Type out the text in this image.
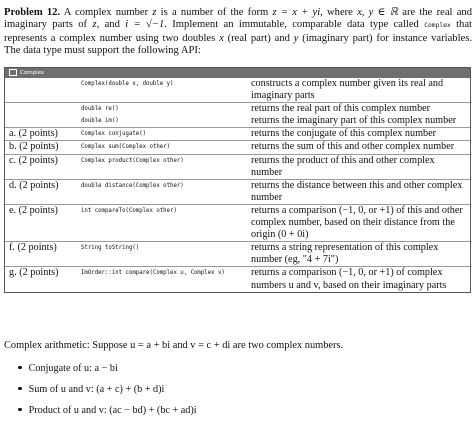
Problem 12. A complex number z is a number of the form z = x + yi, where x, y ∈ ℝ are the real and imaginary parts of z, and i = √−1. Implement an immutable, comparable data type called Complex that represents a complex number using two doubles x (real part) and y (imaginary part) for instance variables. The data type must support the following API:

Complex
	Complex(double x, double y)	constructs a complex number given its real and imaginary parts
	double re()	returns the real part of this complex number
	double im()	returns the imaginary part of this complex number
a. (2 points)	Complex conjugate()	returns the conjugate of this complex number
b. (2 points)	Complex sum(Complex other)	returns the sum of this and other complex number
c. (2 points)	Complex product(Complex other)	returns the product of this and other complex number
d. (2 points)	double distance(Complex other)	returns the distance between this and other complex number
e. (2 points)	int compareTo(Complex other)	returns a comparison (−1, 0, or +1) of this and other complex number, based on their distance from the origin (0 + 0i)
f. (2 points)	String toString()	returns a string representation of this complex number (eg, "4 + 7i")
g. (2 points)	ImOrder::int compare(Complex u, Complex v)	returns a comparison (−1, 0, or +1) of complex numbers u and v, based on their imaginary parts
Complex arithmetic: Suppose u = a + bi and v = c + di are two complex numbers.
Conjugate of u: a − bi
Sum of u and v: (a + c) + (b + d)i
Product of u and v: (ac − bd) + (bc + ad)i
